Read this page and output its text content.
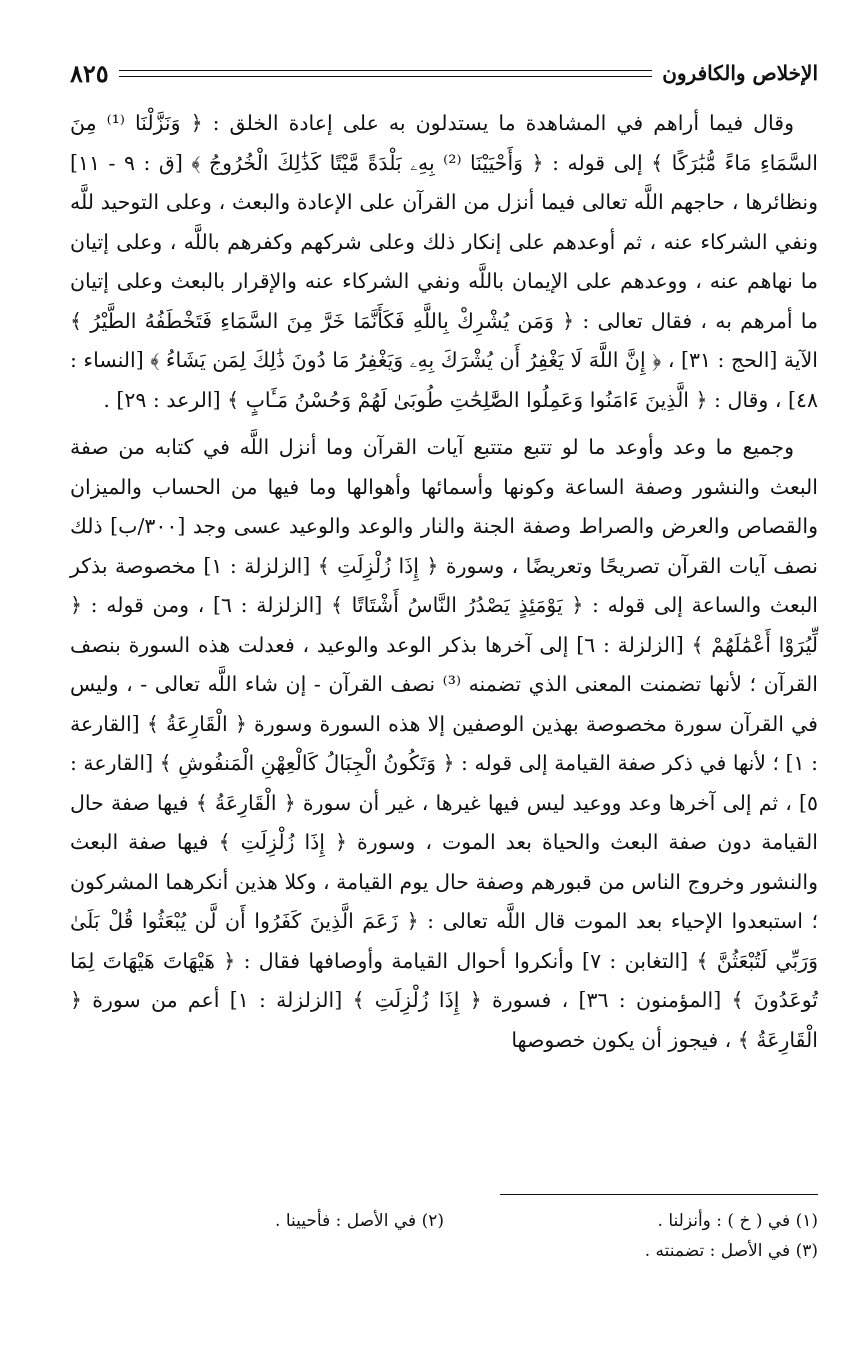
الإخلاص والكافرون
٨٢٥

وقال فيما أراهم في المشاهدة ما يستدلون به على إعادة الخلق : ﴿ وَنَزَّلْنَا ⁽¹⁾ مِنَ السَّمَاءِ مَاءً مُّبَٰرَكًا ﴾ إلى قوله : ﴿ وَأَحْيَيْنَا ⁽²⁾ بِهِۦ بَلْدَةً مَّيْتًا كَذَٰلِكَ الْخُرُوجُ ﴾ [ق : ٩ - ١١] ونظائرها ، حاجهم اللَّه تعالى فيما أنزل من القرآن على الإعادة والبعث ، وعلى التوحيد للَّه ونفي الشركاء عنه ، ثم أوعدهم على إنكار ذلك وعلى شركهم وكفرهم باللَّه ، وعلى إتيان ما نهاهم عنه ، ووعدهم على الإيمان باللَّه ونفي الشركاء عنه والإقرار بالبعث وعلى إتيان ما أمرهم به ، فقال تعالى : ﴿ وَمَن يُشْرِكْ بِاللَّهِ فَكَأَنَّمَا خَرَّ مِنَ السَّمَاءِ فَتَخْطَفُهُ الطَّيْرُ ﴾ الآية [الحج : ٣١] ، ﴿ إِنَّ اللَّهَ لَا يَغْفِرُ أَن يُشْرَكَ بِهِۦ وَيَغْفِرُ مَا دُونَ ذَٰلِكَ لِمَن يَشَاءُ ﴾ [النساء : ٤٨] ، وقال : ﴿ الَّذِينَ ءَامَنُوا وَعَمِلُوا الصَّٰلِحَٰتِ طُوبَىٰ لَهُمْ وَحُسْنُ مَـَٔابٍ ﴾ [الرعد : ٢٩] .

وجميع ما وعد وأوعد ما لو تتبع متتبع آيات القرآن وما أنزل اللَّه في كتابه من صفة البعث والنشور وصفة الساعة وكونها وأسمائها وأهوالها وما فيها من الحساب والميزان والقصاص والعرض والصراط وصفة الجنة والنار والوعد والوعيد عسى وجد [٣٠٠/ب] ذلك نصف آيات القرآن تصريحًا وتعريضًا ، وسورة ﴿ إِذَا زُلْزِلَتِ ﴾ [الزلزلة : ١] مخصوصة بذكر البعث والساعة إلى قوله : ﴿ يَوْمَئِذٍ يَصْدُرُ النَّاسُ أَشْتَاتًا ﴾ [الزلزلة : ٦] ، ومن قوله : ﴿ لِّيُرَوْا أَعْمَٰلَهُمْ ﴾ [الزلزلة : ٦] إلى آخرها بذكر الوعد والوعيد ، فعدلت هذه السورة بنصف القرآن ؛ لأنها تضمنت المعنى الذي تضمنه ⁽³⁾ نصف القرآن - إن شاء اللَّه تعالى - ، وليس في القرآن سورة مخصوصة بهذين الوصفين إلا هذه السورة وسورة ﴿ الْقَارِعَةُ ﴾ [القارعة : ١] ؛ لأنها في ذكر صفة القيامة إلى قوله : ﴿ وَتَكُونُ الْجِبَالُ كَالْعِهْنِ الْمَنفُوشِ ﴾ [القارعة : ٥] ، ثم إلى آخرها وعد ووعيد ليس فيها غيرها ، غير أن سورة ﴿ الْقَارِعَةُ ﴾ فيها صفة حال القيامة دون صفة البعث والحياة بعد الموت ، وسورة ﴿ إِذَا زُلْزِلَتِ ﴾ فيها صفة البعث والنشور وخروج الناس من قبورهم وصفة حال يوم القيامة ، وكلا هذين أنكرهما المشركون ؛ استبعدوا الإحياء بعد الموت قال اللَّه تعالى : ﴿ زَعَمَ الَّذِينَ كَفَرُوا أَن لَّن يُبْعَثُوا قُلْ بَلَىٰ وَرَبِّي لَتُبْعَثُنَّ ﴾ [التغابن : ٧] وأنكروا أحوال القيامة وأوصافها فقال : ﴿ هَيْهَاتَ هَيْهَاتَ لِمَا تُوعَدُونَ ﴾ [المؤمنون : ٣٦] ، فسورة ﴿ إِذَا زُلْزِلَتِ ﴾ [الزلزلة : ١] أعم من سورة ﴿ الْقَارِعَةُ ﴾ ، فيجوز أن يكون خصوصها

(١) في ( خ ) : وأنزلنا .
(٢) في الأصل : فأحيينا .
(٣) في الأصل : تضمنته .
